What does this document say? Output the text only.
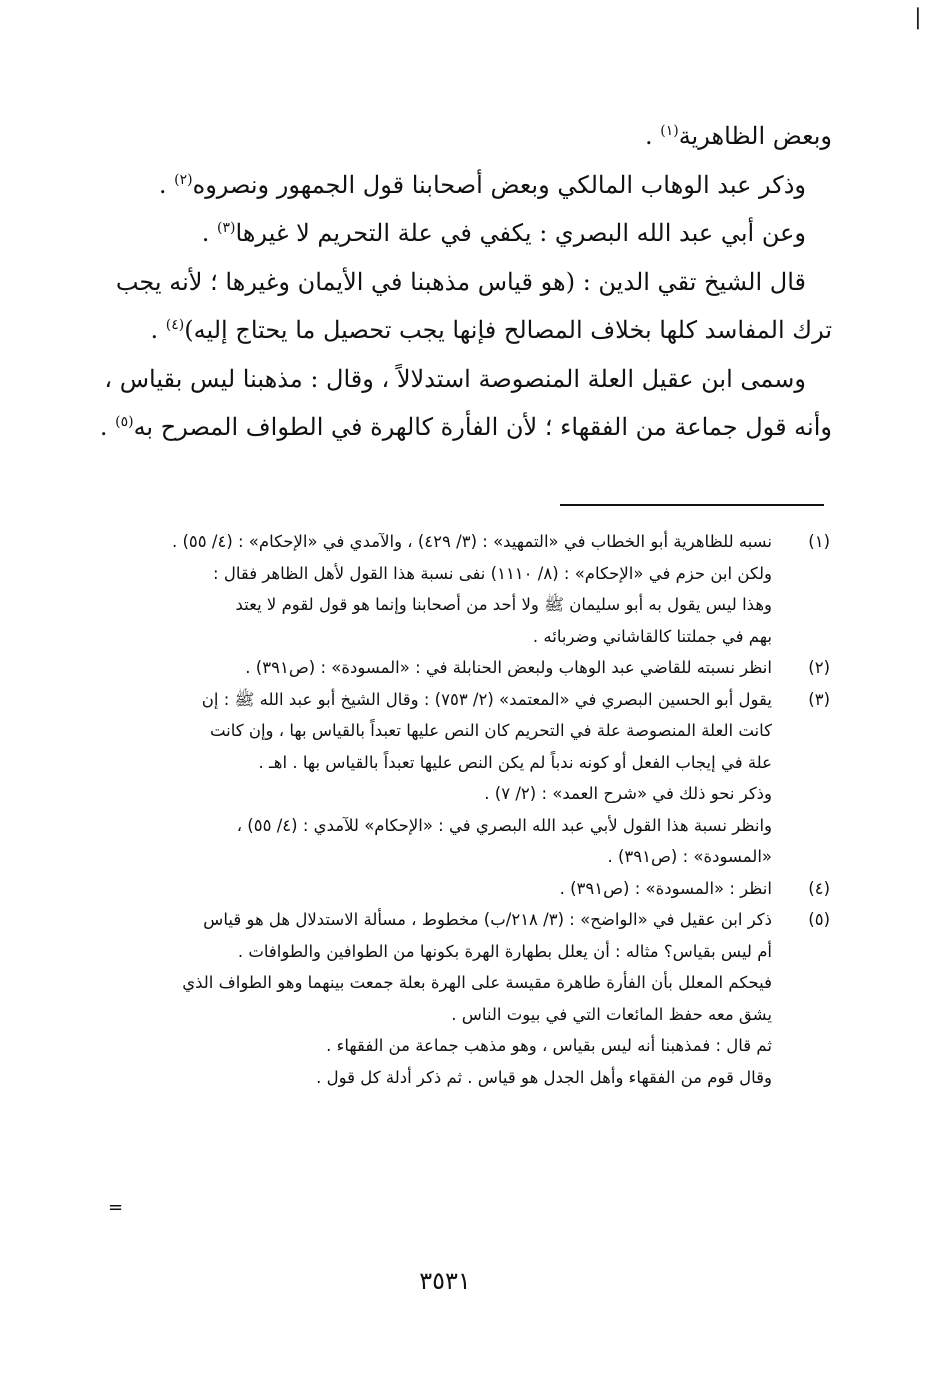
❘

وبعض الظاهرية$^{(١)}$ .

وذكر عبد الوهاب المالكي وبعض أصحابنا قول الجمهور ونصروه$^{(٢)}$ .

وعن أبي عبد الله البصري : يكفي في علة التحريم لا غيرها$^{(٣)}$ .

قال الشيخ تقي الدين : (هو قياس مذهبنا في الأيمان وغيرها ؛ لأنه يجب

ترك المفاسد كلها بخلاف المصالح فإنها يجب تحصيل ما يحتاج إليه)$^{(٤)}$ .

وسمى ابن عقيل العلة المنصوصة استدلالاً ، وقال : مذهبنا ليس بقياس ،

وأنه قول جماعة من الفقهاء ؛ لأن الفأرة كالهرة في الطواف المصرح به$^{(٥)}$ .

(١)
نسبه للظاهرية أبو الخطاب في «التمهيد» : (٣/ ٤٢٩) ، والآمدي في «الإحكام» : (٤/ ٥٥) .
ولكن ابن حزم في «الإحكام» : (٨/ ١١١٠) نفى نسبة هذا القول لأهل الظاهر فقال :
وهذا ليس يقول به أبو سليمان ﷺ ولا أحد من أصحابنا وإنما هو قول لقوم لا يعتد
بهم في جملتنا كالقاشاني وضربائه .
(٢)
انظر نسبته للقاضي عبد الوهاب ولبعض الحنابلة في : «المسودة» : (ص٣٩١) .
(٣)
يقول أبو الحسين البصري في «المعتمد» (٢/ ٧٥٣) : وقال الشيخ أبو عبد الله ﷺ : إن
كانت العلة المنصوصة علة في التحريم كان النص عليها تعبداً بالقياس بها ، وإن كانت
علة في إيجاب الفعل أو كونه ندباً لم يكن النص عليها تعبداً بالقياس بها . اهـ .
وذكر نحو ذلك في «شرح العمد» : (٢/ ٧) .
وانظر نسبة هذا القول لأبي عبد الله البصري في : «الإحكام» للآمدي : (٤/ ٥٥) ،
«المسودة» : (ص٣٩١) .
(٤)
انظر : «المسودة» : (ص٣٩١) .
(٥)
ذكر ابن عقيل في «الواضح» : (٣/ ٢١٨/ب) مخطوط ، مسألة الاستدلال هل هو قياس
أم ليس بقياس؟ مثاله : أن يعلل بطهارة الهرة بكونها من الطوافين والطوافات .
فيحكم المعلل بأن الفأرة طاهرة مقيسة على الهرة بعلة جمعت بينهما وهو الطواف الذي
يشق معه حفظ المائعات التي في بيوت الناس .
ثم قال : فمذهبنا أنه ليس بقياس ، وهو مذهب جماعة من الفقهاء .
وقال قوم من الفقهاء وأهل الجدل هو قياس . ثم ذكر أدلة كل قول .
=
٣٥٣١
